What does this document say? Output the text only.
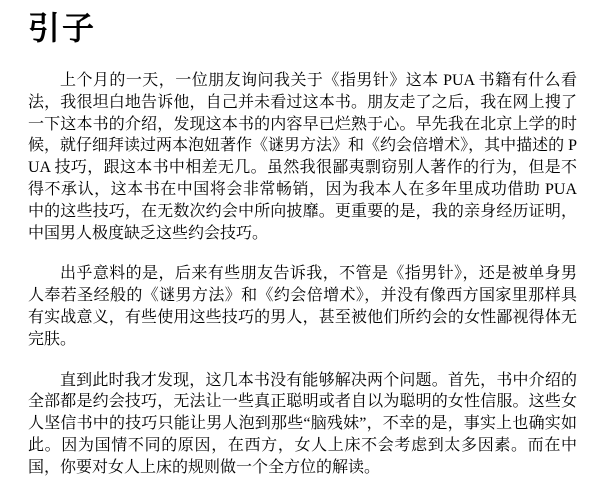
引子

上个月的一天，一位朋友询问我关于《指男针》这本 PUA 书籍有什么看法，我很坦白地告诉他，自己并未看过这本书。朋友走了之后，我在网上搜了一下这本书的介绍，发现这本书的内容早已烂熟于心。早先我在北京上学的时候，就仔细拜读过两本泡妞著作《谜男方法》和《约会倍增术》，其中描述的 PUA 技巧，跟这本书中相差无几。虽然我很鄙夷剽窃别人著作的行为，但是不得不承认，这本书在中国将会非常畅销，因为我本人在多年里成功借助 PUA 中的这些技巧，在无数次约会中所向披靡。更重要的是，我的亲身经历证明，中国男人极度缺乏这些约会技巧。

出乎意料的是，后来有些朋友告诉我，不管是《指男针》，还是被单身男人奉若圣经般的《谜男方法》和《约会倍增术》，并没有像西方国家里那样具有实战意义，有些使用这些技巧的男人，甚至被他们所约会的女性鄙视得体无完肤。

直到此时我才发现，这几本书没有能够解决两个问题。首先，书中介绍的全部都是约会技巧，无法让一些真正聪明或者自以为聪明的女性信服。这些女人坚信书中的技巧只能让男人泡到那些“脑残妹”，不幸的是，事实上也确实如此。因为国情不同的原因，在西方，女人上床不会考虑到太多因素。而在中国，你要对女人上床的规则做一个全方位的解读。
